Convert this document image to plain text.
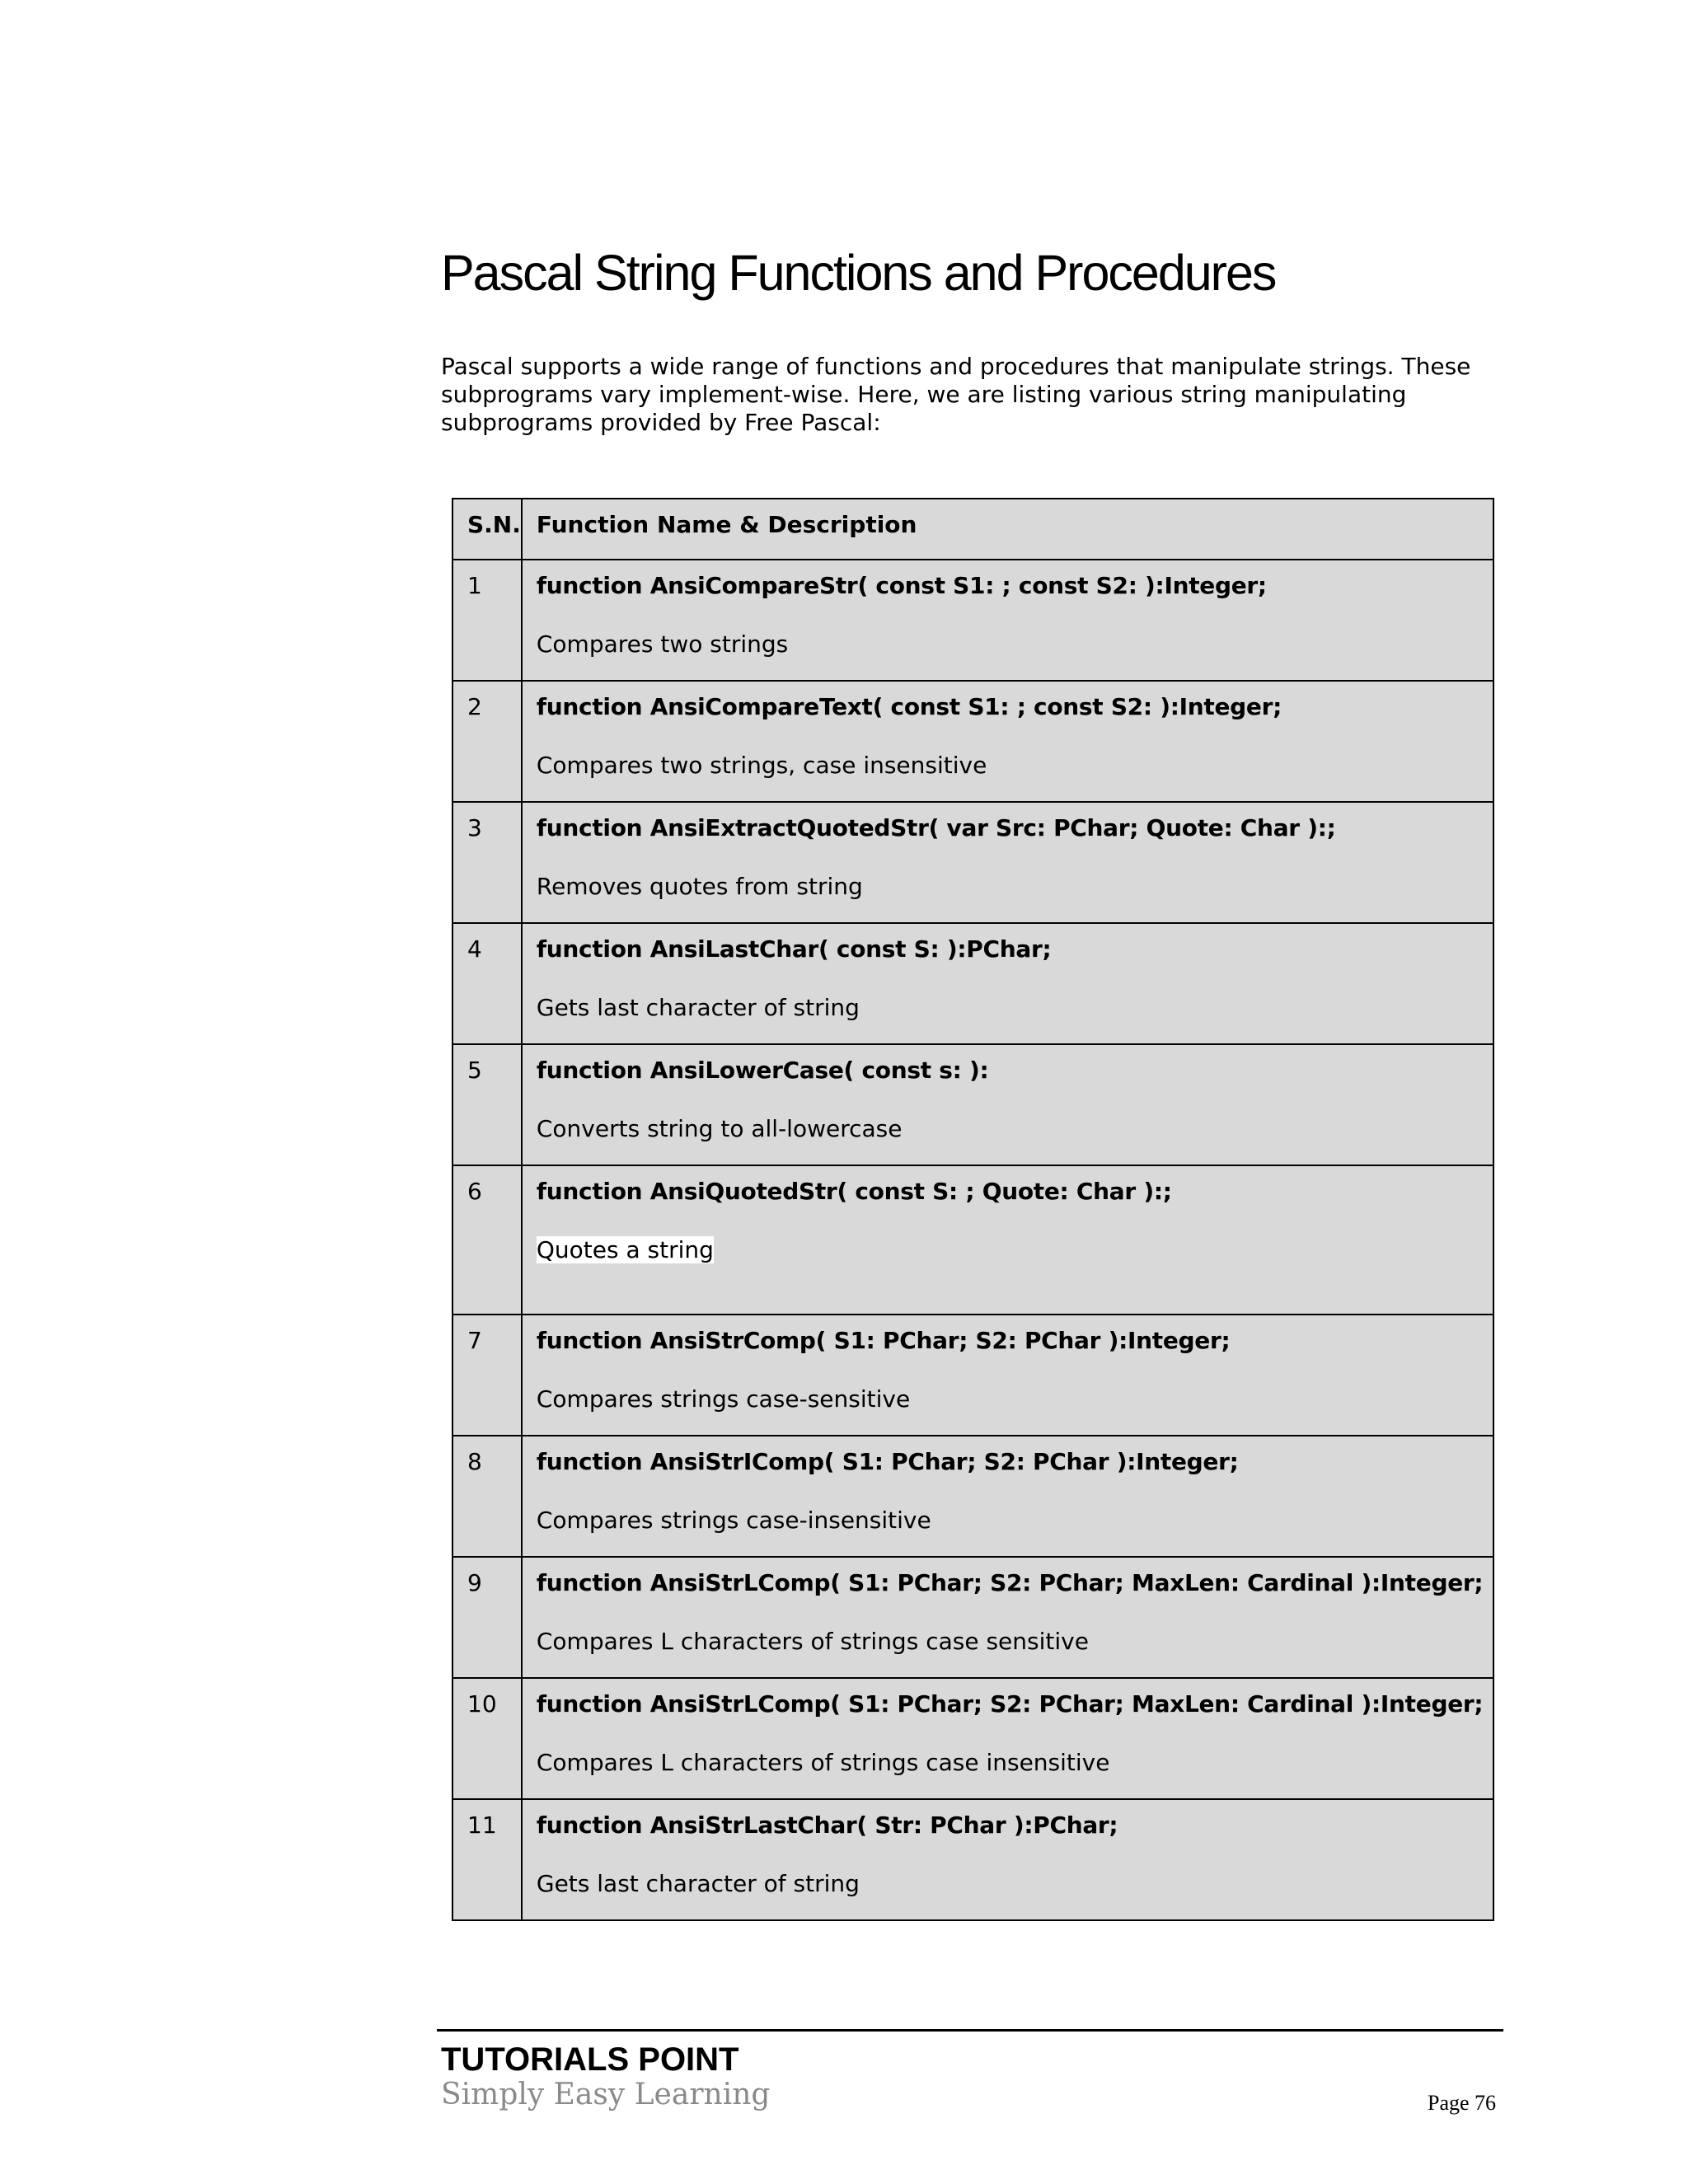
Pascal String Functions and Procedures

Pascal supports a wide range of functions and procedures that manipulate strings. These subprograms vary implement-wise. Here, we are listing various string manipulating subprograms provided by Free Pascal:

S.N.	Function Name & Description
1	function AnsiCompareStr( const S1: ; const S2: ):Integer;
Compares two strings

2	function AnsiCompareText( const S1: ; const S2: ):Integer;
Compares two strings, case insensitive

3	function AnsiExtractQuotedStr( var Src: PChar; Quote: Char ):;
Removes quotes from string

4	function AnsiLastChar( const S: ):PChar;
Gets last character of string

5	function AnsiLowerCase( const s: ):
Converts string to all-lowercase

6	function AnsiQuotedStr( const S: ; Quote: Char ):;
Quotes a string
7	function AnsiStrComp( S1: PChar; S2: PChar ):Integer;
Compares strings case-sensitive

8	function AnsiStrIComp( S1: PChar; S2: PChar ):Integer;
Compares strings case-insensitive

9	function AnsiStrLComp( S1: PChar; S2: PChar; MaxLen: Cardinal ):Integer;
Compares L characters of strings case sensitive

10	function AnsiStrLComp( S1: PChar; S2: PChar; MaxLen: Cardinal ):Integer;
Compares L characters of strings case insensitive

11	function AnsiStrLastChar( Str: PChar ):PChar;
Gets last character of string
TUTORIALS POINT
Simply Easy Learning	Page 76
